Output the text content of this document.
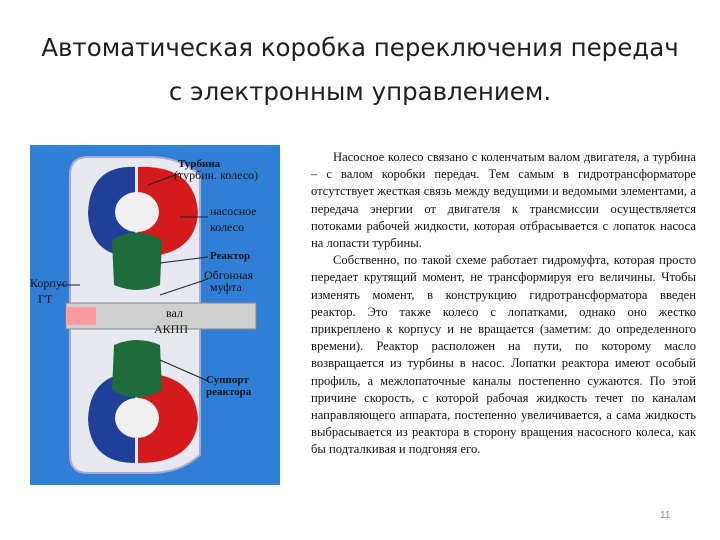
Автоматическая коробка переключения передач с электронным управлением.
Турбина
(турбин. колесо)
насосное
колесо
Реактор
Обгонная
муфта
Корпус
ГТ
вал
АКПП
Суппорт
реактора

Насосное колесо связано с коленчатым валом двигателя, а турбина – с валом коробки передач. Тем самым в гидротрансформаторе отсутствует жесткая связь между ведущими и ведомыми элементами, а передача энергии от двигателя к трансмиссии осуществляется потоками рабочей жидкости, которая отбрасывается с лопаток насоса на лопасти турбины.

Собственно, по такой схеме работает гидромуфта, которая просто передает крутящий момент, не трансформируя его величины. Чтобы изменять момент, в конструкцию гидротрансформатора введен реактор. Это также колесо с лопатками, однако оно жестко прикреплено к корпусу и не вращается (заметим: до определенного времени). Реактор расположен на пути, по которому масло возвращается из турбины в насос. Лопатки реактора имеют особый профиль, а межлопаточные каналы постепенно сужаются. По этой причине скорость, с которой рабочая жидкость течет по каналам направляющего аппарата, постепенно увеличивается, а сама жидкость выбрасывается из реактора в сторону вращения насосного колеса, как бы подталкивая и подгоняя его.

11
